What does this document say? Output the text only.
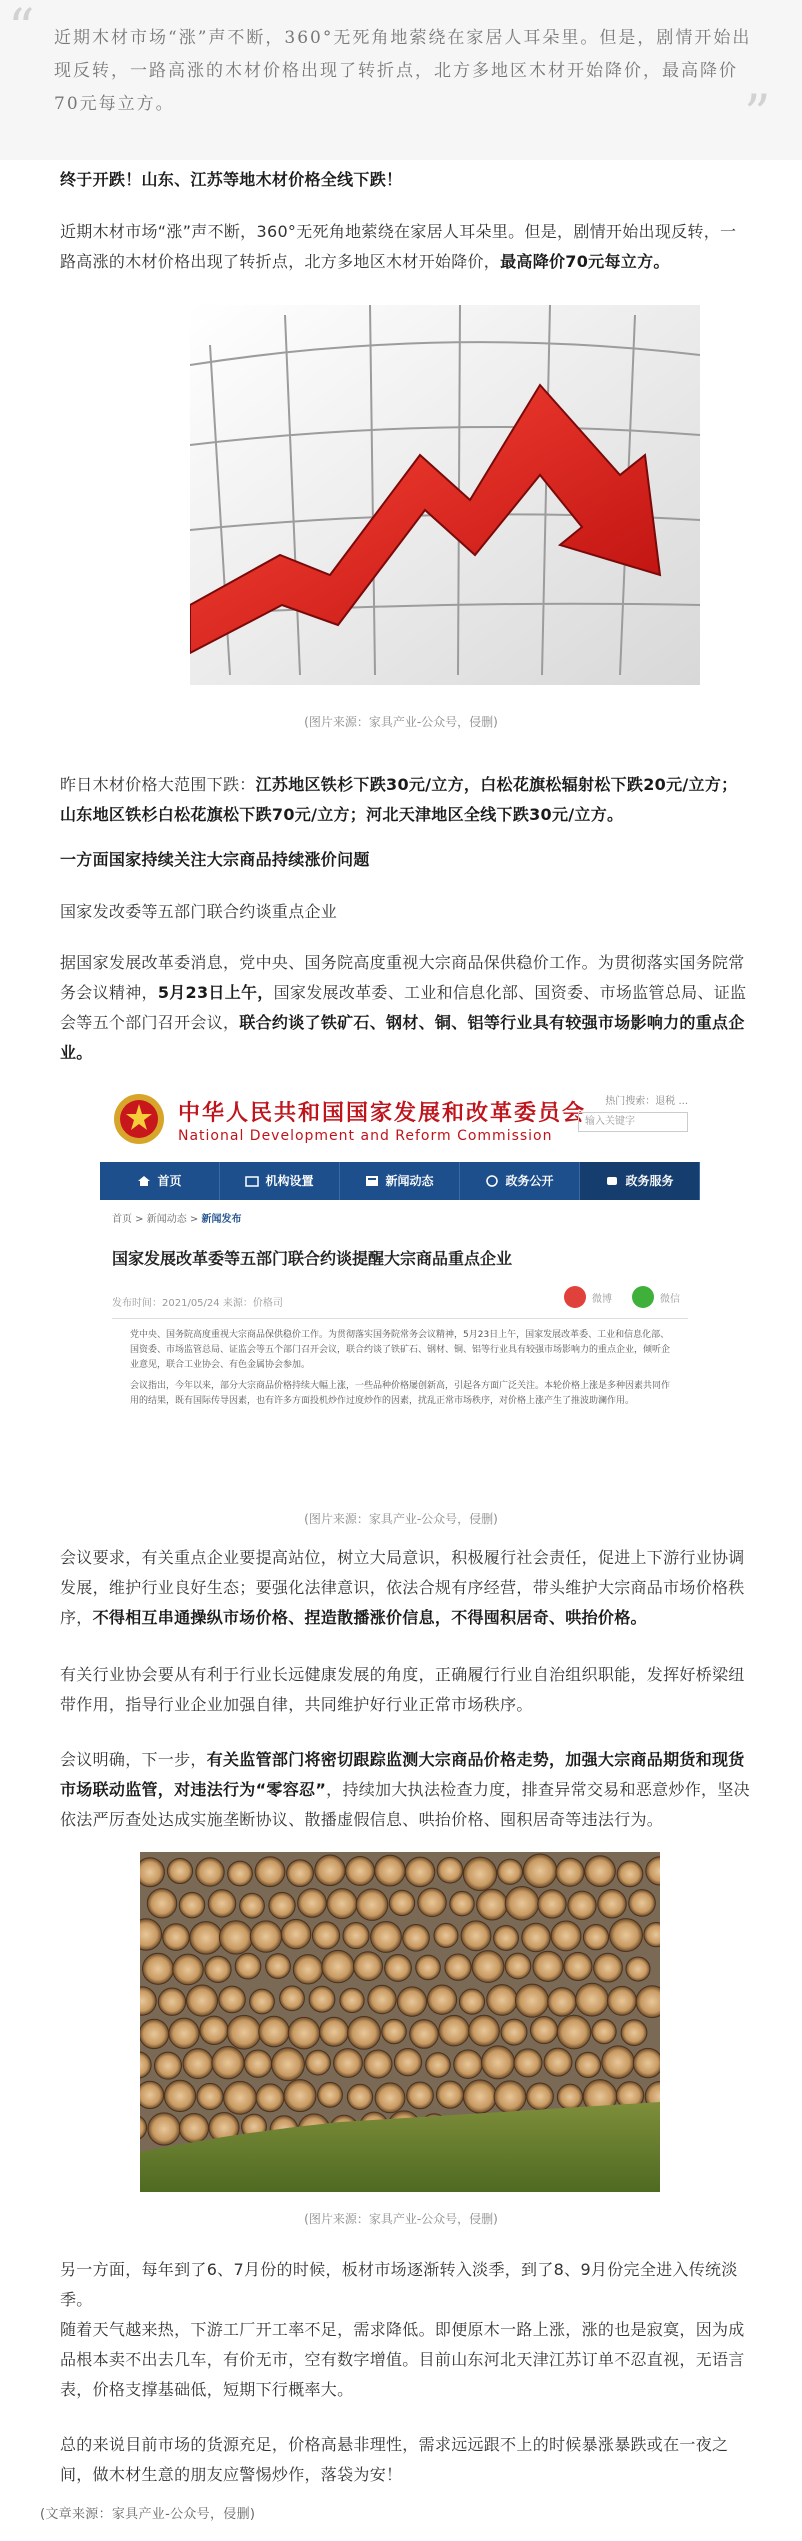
“ 近期木材市场“涨”声不断，360°无死角地萦绕在家居人耳朵里。但是，剧情开始出现反转，一路高涨的木材价格出现了转折点，北方多地区木材开始降价，最高降价70元每立方。	”
终于开跌！山东、江苏等地木材价格全线下跌！
近期木材市场“涨”声不断，360°无死角地萦绕在家居人耳朵里。但是，剧情开始出现反转，一路高涨的木材价格出现了转折点，北方多地区木材开始降价，最高降价70元每立方。
(图片来源：家具产业-公众号，侵删)
昨日木材价格大范围下跌：江苏地区铁杉下跌30元/立方，白松花旗松辐射松下跌20元/立方；山东地区铁杉白松花旗松下跌70元/立方；河北天津地区全线下跌30元/立方。
一方面国家持续关注大宗商品持续涨价问题
国家发改委等五部门联合约谈重点企业
据国家发展改革委消息，党中央、国务院高度重视大宗商品保供稳价工作。为贯彻落实国务院常务会议精神，5月23日上午，国家发展改革委、工业和信息化部、国资委、市场监管总局、证监会等五个部门召开会议，联合约谈了铁矿石、钢材、铜、铝等行业具有较强市场影响力的重点企业。
中华人民共和国国家发展和改革委员会
National Development and Reform Commission
热门搜索：退税 ...
输入关键字
首页	机构设置	新闻动态	政务公开	政务服务
首页 > 新闻动态 > 新闻发布
国家发展改革委等五部门联合约谈提醒大宗商品重点企业
发布时间：2021/05/24 来源：价格司	微博	微信

党中央、国务院高度重视大宗商品保供稳价工作。为贯彻落实国务院常务会议精神，5月23日上午，国家发展改革委、工业和信息化部、国资委、市场监管总局、证监会等五个部门召开会议，联合约谈了铁矿石、钢材、铜、铝等行业具有较强市场影响力的重点企业，倾听企业意见，联合工业协会、有色金属协会参加。

会议指出，今年以来，部分大宗商品价格持续大幅上涨，一些品种价格屡创新高，引起各方面广泛关注。本轮价格上涨是多种因素共同作用的结果，既有国际传导因素，也有许多方面投机炒作过度炒作的因素，扰乱正常市场秩序，对价格上涨产生了推波助澜作用。

(图片来源：家具产业-公众号，侵删)
会议要求，有关重点企业要提高站位，树立大局意识，积极履行社会责任，促进上下游行业协调发展，维护行业良好生态；要强化法律意识，依法合规有序经营，带头维护大宗商品市场价格秩序，不得相互串通操纵市场价格、捏造散播涨价信息，不得囤积居奇、哄抬价格。
有关行业协会要从有利于行业长远健康发展的角度，正确履行行业自治组织职能，发挥好桥梁纽带作用，指导行业企业加强自律，共同维护好行业正常市场秩序。
会议明确，下一步，有关监管部门将密切跟踪监测大宗商品价格走势，加强大宗商品期货和现货市场联动监管，对违法行为“零容忍”，持续加大执法检查力度，排查异常交易和恶意炒作，坚决依法严厉查处达成实施垄断协议、散播虚假信息、哄抬价格、囤积居奇等违法行为。
(图片来源：家具产业-公众号，侵删)
另一方面，每年到了6、7月份的时候，板材市场逐渐转入淡季，到了8、9月份完全进入传统淡季。
随着天气越来热，下游工厂开工率不足，需求降低。即便原木一路上涨，涨的也是寂寞，因为成品根本卖不出去几车，有价无市，空有数字增值。目前山东河北天津江苏订单不忍直视，无语言表，价格支撑基础低，短期下行概率大。
总的来说目前市场的货源充足，价格高悬非理性，需求远远跟不上的时候暴涨暴跌或在一夜之间，做木材生意的朋友应警惕炒作，落袋为安！
(文章来源：家具产业-公众号，侵删)
